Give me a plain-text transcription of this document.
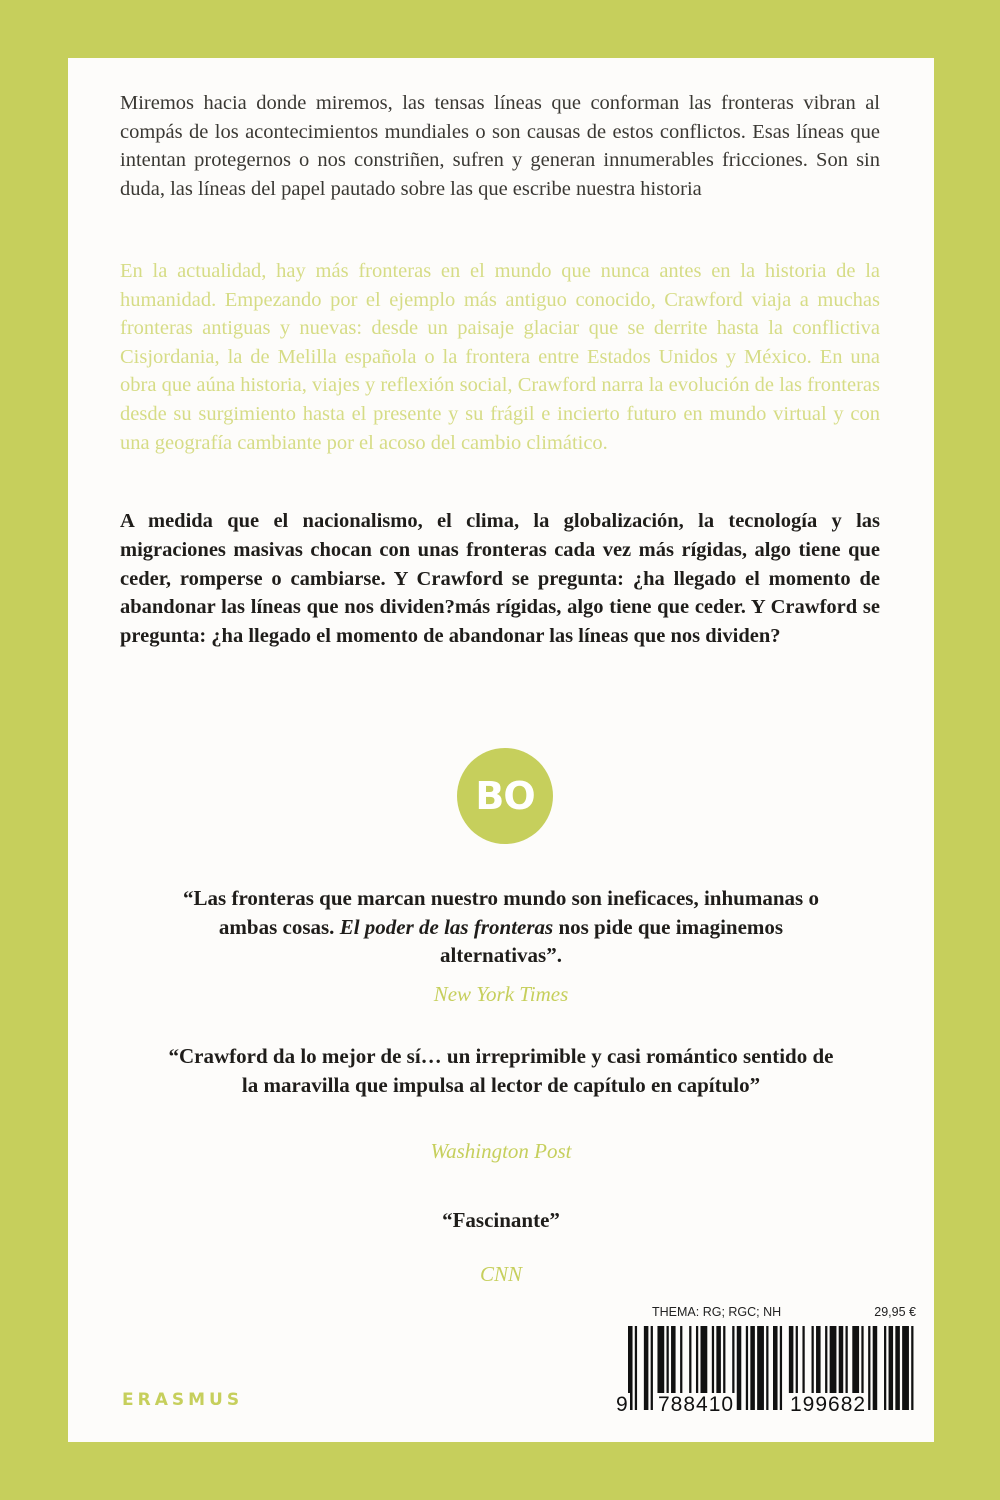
Miremos hacia donde miremos, las tensas líneas que conforman las fronteras vibran al compás de los acontecimientos mundiales o son causas de estos conflictos. Esas líneas que intentan protegernos o nos constriñen, sufren y generan innumerables fricciones. Son sin duda, las líneas del papel pautado sobre las que escribe nuestra historia

En la actualidad, hay más fronteras en el mundo que nunca antes en la historia de la humanidad. Empezando por el ejemplo más antiguo conocido, Crawford viaja a muchas fronteras antiguas y nuevas: desde un paisaje glaciar que se derrite hasta la conflictiva Cisjordania, la de Melilla española o la frontera entre Estados Unidos y México. En una obra que aúna historia, viajes y reflexión social, Crawford narra la evolución de las fronteras desde su surgimiento hasta el presente y su frágil e incierto futuro en mundo virtual y con una geografía cambiante por el acoso del cambio climático.

A medida que el nacionalismo, el clima, la globalización, la tecnología y las migraciones masivas chocan con unas fronteras cada vez más rígidas, algo tiene que ceder, romperse o cambiarse. Y Crawford se pregunta: ¿ha llegado el momento de abandonar las líneas que nos dividen?más rígidas, algo tiene que ceder. Y Crawford se pregunta: ¿ha llegado el momento de abandonar las líneas que nos dividen?

BO

“Las fronteras que marcan nuestro mundo son ineficaces, inhumanas o ambas cosas. El poder de las fronteras nos pide que imaginemos alternativas”.

New York Times

“Crawford da lo mejor de sí… un irreprimible y casi romántico sentido de la maravilla que impulsa al lector de capítulo en capítulo”

Washington Post

“Fascinante”

CNN
ERASMUS
THEMA: RG; RGC; NH	29,95 €
9 788410	199682
